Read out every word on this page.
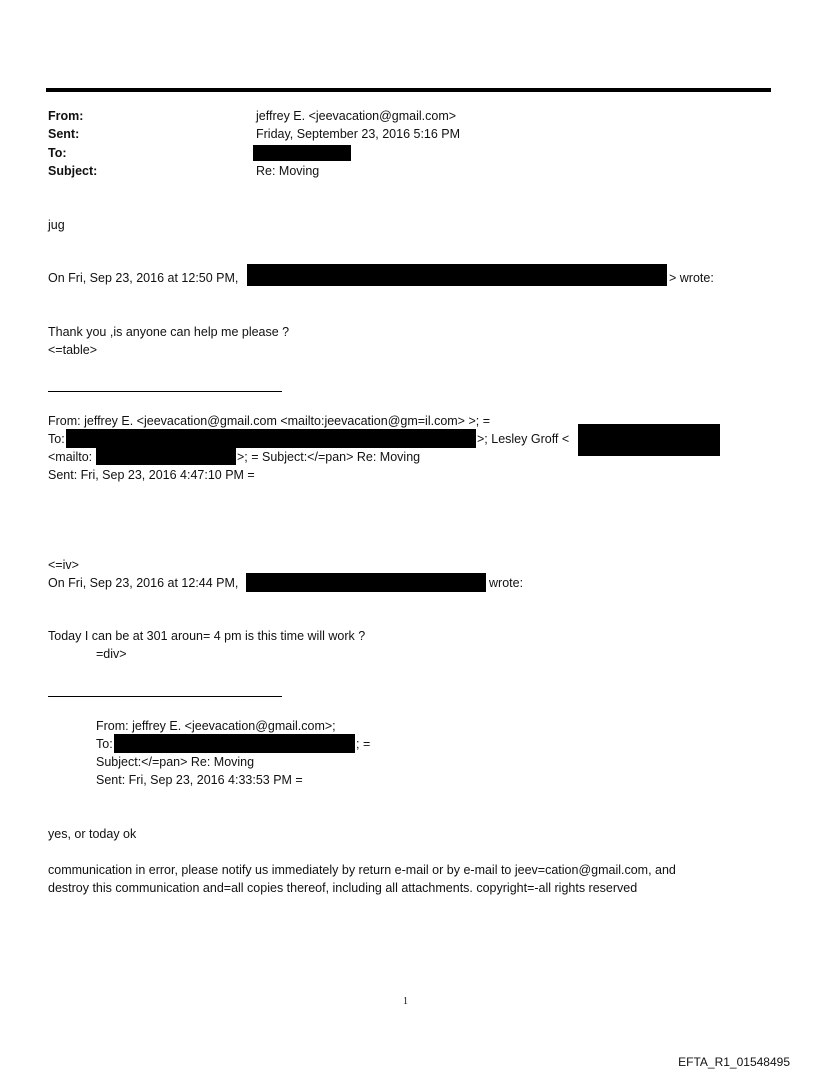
From:	jeffrey E. <jeevacation@gmail.com>
Sent:	Friday, September 23, 2016 5:16 PM
To:
Subject:	Re: Moving
jug
On Fri, Sep 23, 2016 at 12:50 PM,	> wrote:
Thank you ,is anyone can help me please ?
<=table>
From: jeffrey E. <jeevacation@gmail.com <mailto:jeevacation@gm=il.com> >; =
To:	>; Lesley Groff <
<mailto:	>; = Subject:</=pan> Re: Moving
Sent: Fri, Sep 23, 2016 4:47:10 PM =
<=iv>
On Fri, Sep 23, 2016 at 12:44 PM,	wrote:
Today I can be at 301 aroun= 4 pm is this time will work ?
=div>
From: jeffrey E. <jeevacation@gmail.com>;
To:	; =
Subject:</=pan> Re: Moving
Sent: Fri, Sep 23, 2016 4:33:53 PM =
yes, or today ok
communication in error, please notify us immediately by return e-mail or by e-mail to jeev=cation@gmail.com, and
destroy this communication and=all copies thereof, including all attachments. copyright=-all rights reserved
1
EFTA_R1_01548495
